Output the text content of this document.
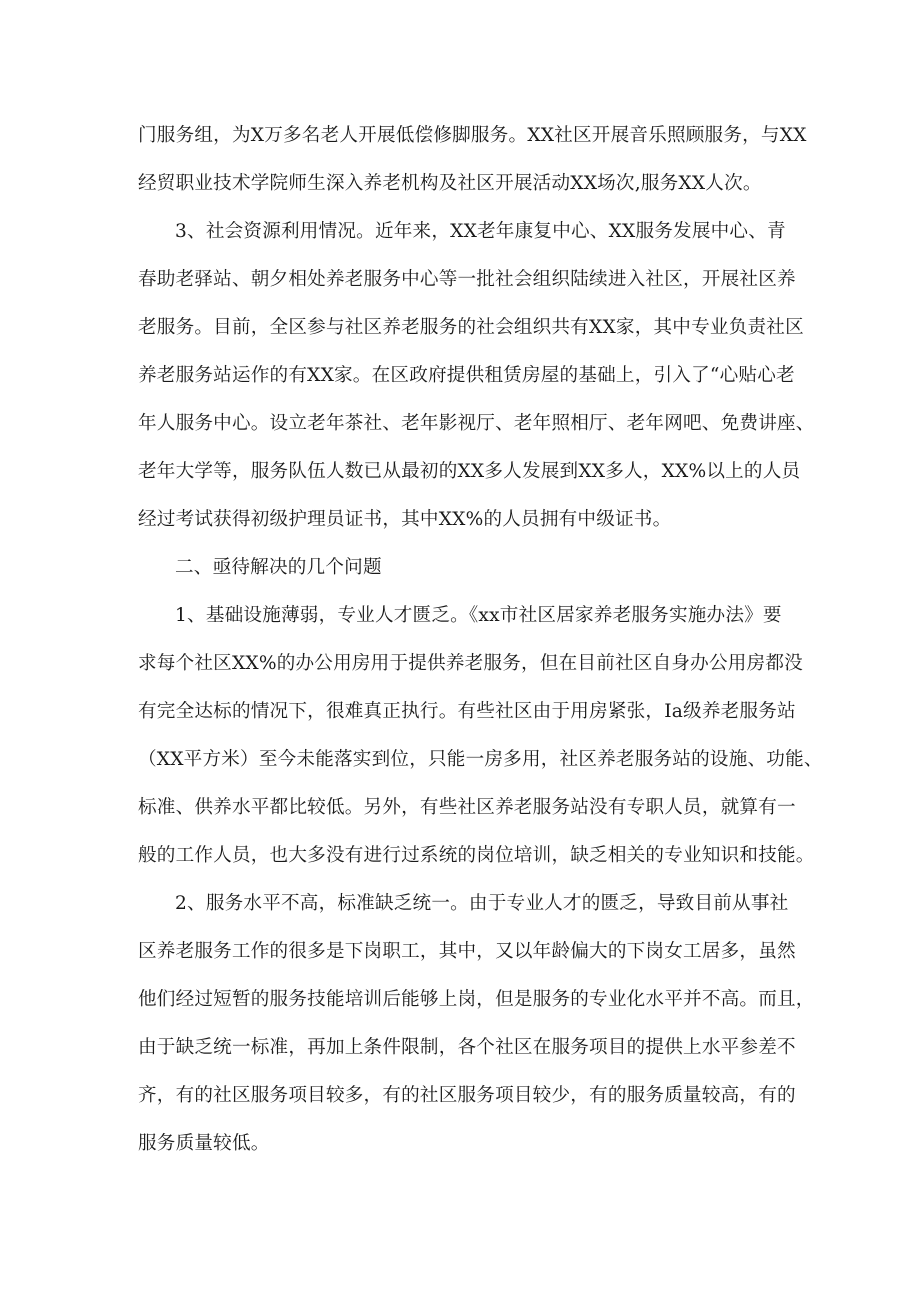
门服务组，为X万多名老人开展低偿修脚服务。XX社区开展音乐照顾服务，与XX
经贸职业技术学院师生深入养老机构及社区开展活动XX场次,服务XX人次。
3、社会资源利用情况。近年来，XX老年康复中心、XX服务发展中心、青
春助老驿站、朝夕相处养老服务中心等一批社会组织陆续进入社区，开展社区养
老服务。目前，全区参与社区养老服务的社会组织共有XX家，其中专业负责社区
养老服务站运作的有XX家。在区政府提供租赁房屋的基础上，引入了“心贴心老
年人服务中心。设立老年茶社、老年影视厅、老年照相厅、老年网吧、免费讲座、
老年大学等，服务队伍人数已从最初的XX多人发展到XX多人，XX%以上的人员
经过考试获得初级护理员证书，其中XX%的人员拥有中级证书。
二、亟待解决的几个问题
1、基础设施薄弱，专业人才匮乏。《xx市社区居家养老服务实施办法》要
求每个社区XX%的办公用房用于提供养老服务，但在目前社区自身办公用房都没
有完全达标的情况下，很难真正执行。有些社区由于用房紧张，Ia级养老服务站
（XX平方米）至今未能落实到位，只能一房多用，社区养老服务站的设施、功能、
标准、供养水平都比较低。另外，有些社区养老服务站没有专职人员，就算有一
般的工作人员，也大多没有进行过系统的岗位培训，缺乏相关的专业知识和技能。
2、服务水平不高，标准缺乏统一。由于专业人才的匮乏，导致目前从事社
区养老服务工作的很多是下岗职工，其中，又以年龄偏大的下岗女工居多，虽然
他们经过短暂的服务技能培训后能够上岗，但是服务的专业化水平并不高。而且，
由于缺乏统一标准，再加上条件限制，各个社区在服务项目的提供上水平参差不
齐，有的社区服务项目较多，有的社区服务项目较少，有的服务质量较高，有的
服务质量较低。
